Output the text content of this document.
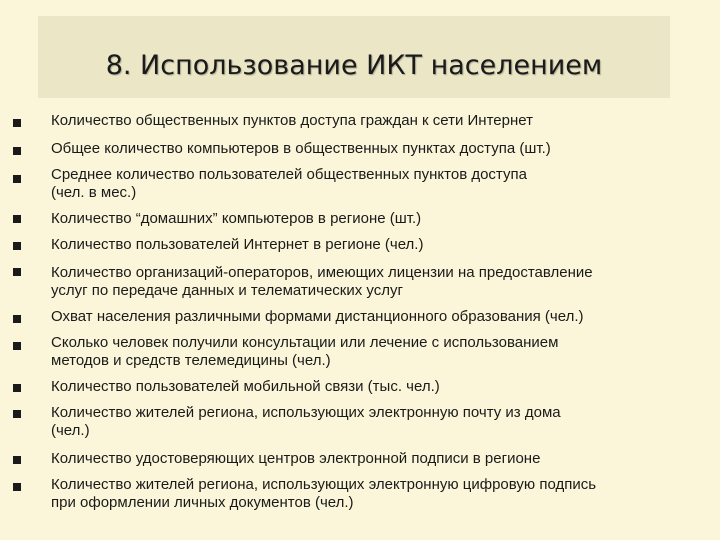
8. Использование ИКТ населением
Количество общественных пунктов доступа граждан к сети Интернет
Общее количество компьютеров в общественных пунктах доступа (шт.)
Среднее количество пользователей общественных пунктов доступа
(чел. в мес.)
Количество “домашних” компьютеров в регионе (шт.)
Количество пользователей Интернет в регионе (чел.)
Количество организаций-операторов, имеющих лицензии на предоставление
услуг по передаче данных и телематических услуг
Охват населения различными формами дистанционного образования (чел.)
Сколько человек получили консультации или лечение с использованием
методов и средств телемедицины (чел.)
Количество пользователей мобильной связи (тыс. чел.)
Количество жителей региона, использующих электронную почту из дома
(чел.)
Количество удостоверяющих центров электронной подписи в регионе
Количество жителей региона, использующих электронную цифровую подпись
при оформлении личных документов (чел.)
